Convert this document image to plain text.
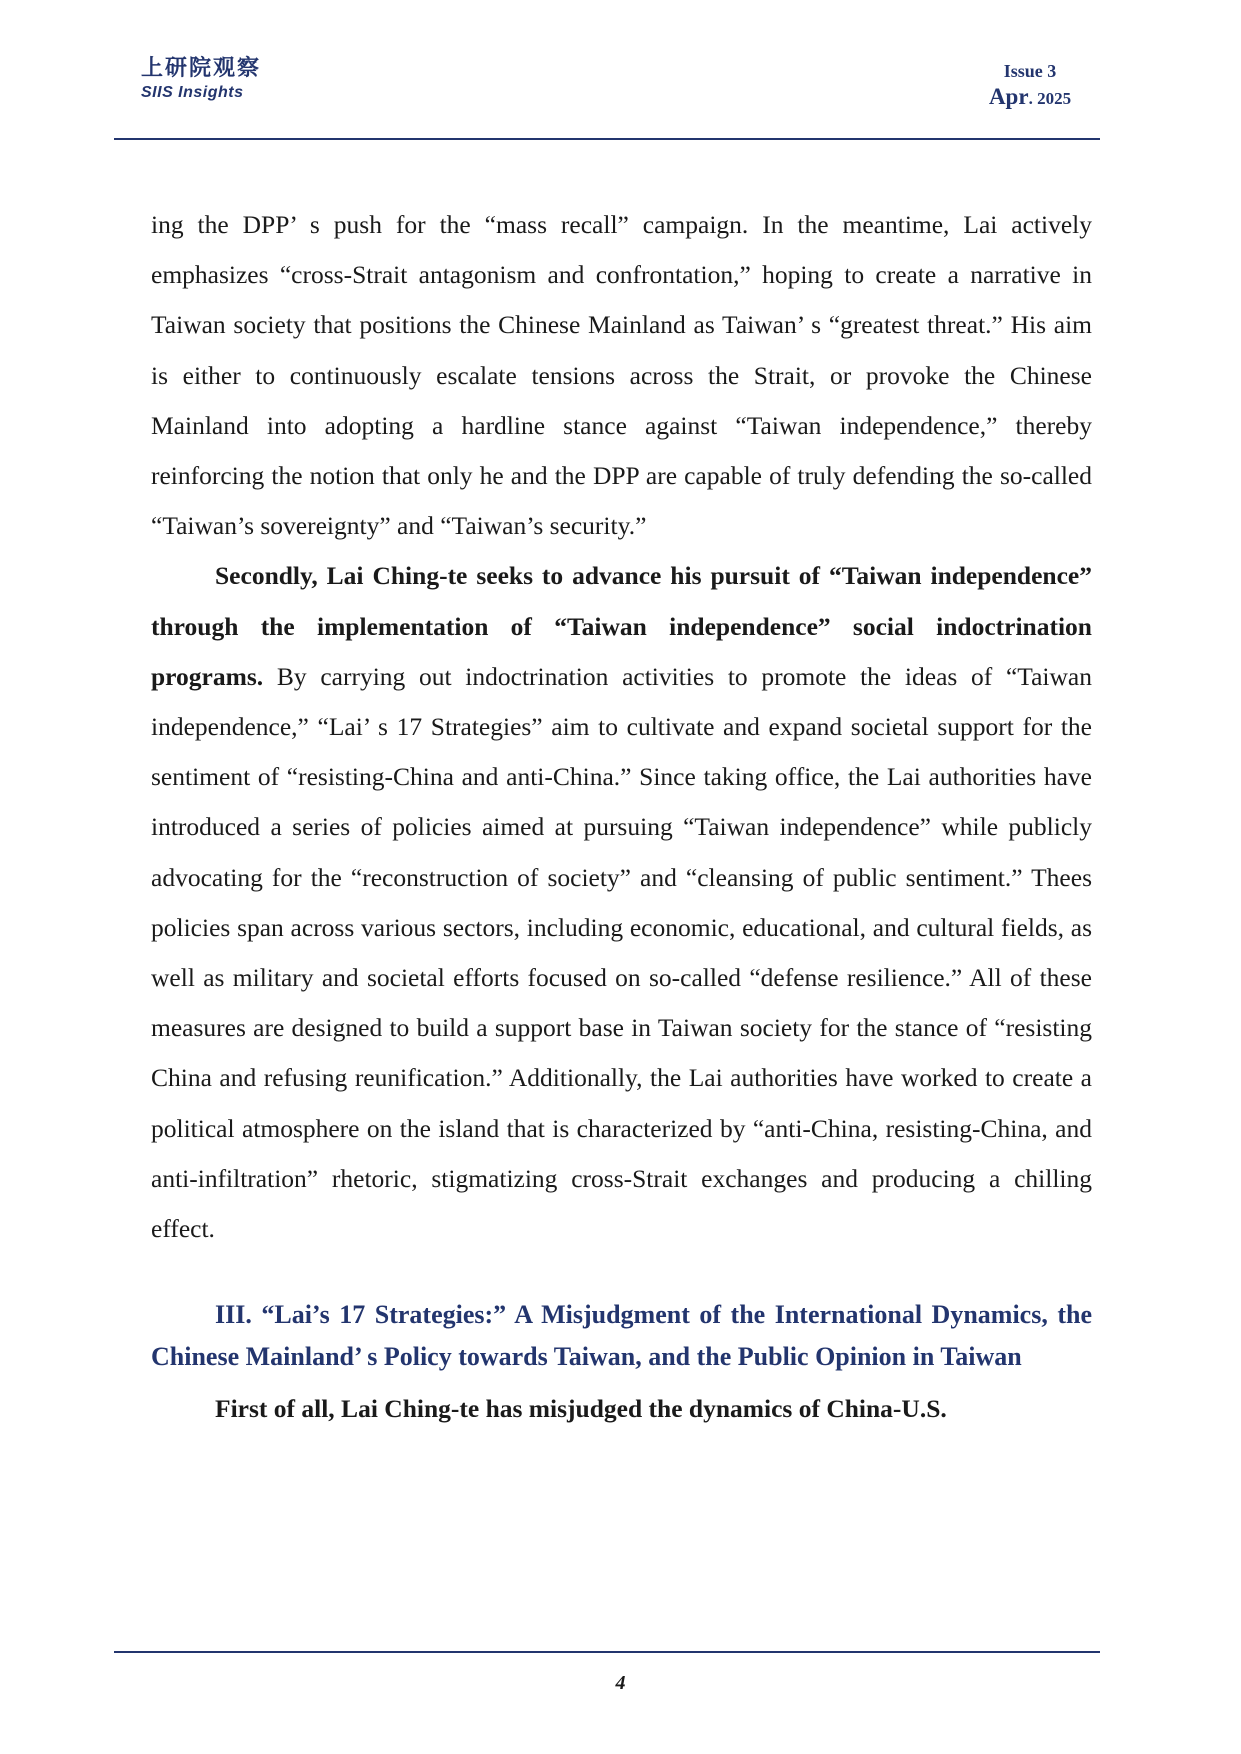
上研院观察
SIIS Insights
Issue 3
Apr. 2025

ing the DPP’ s push for the “mass recall” campaign. In the meantime, Lai actively emphasizes “cross-Strait antagonism and confrontation,” hoping to create a narrative in Taiwan society that positions the Chinese Mainland as Taiwan’ s “greatest threat.” His aim is either to continuously escalate tensions across the Strait, or provoke the Chinese Mainland into adopting a hardline stance against “Taiwan independence,” thereby reinforcing the notion that only he and the DPP are capable of truly defending the so-called “Taiwan’s sovereignty” and “Taiwan’s security.”

Secondly, Lai Ching-te seeks to advance his pursuit of “Taiwan independence” through the implementation of “Taiwan independence” social indoctrination programs. By carrying out indoctrination activities to promote the ideas of “Taiwan independence,” “Lai’ s 17 Strategies” aim to cultivate and expand societal support for the sentiment of “resisting-China and anti-China.” Since taking office, the Lai authorities have introduced a series of policies aimed at pursuing “Taiwan independence” while publicly advocating for the “reconstruction of society” and “cleansing of public sentiment.” Thees policies span across various sectors, including economic, educational, and cultural fields, as well as military and societal efforts focused on so-called “defense resilience.” All of these measures are designed to build a support base in Taiwan society for the stance of “resisting China and refusing reunification.” Additionally, the Lai authorities have worked to create a political atmosphere on the island that is characterized by “anti-China, resisting-China, and anti-infiltration” rhetoric, stigmatizing cross-Strait exchanges and producing a chilling effect.

III. “Lai’s 17 Strategies:” A Misjudgment of the International Dynamics, the Chinese Mainland’ s Policy towards Taiwan, and the Public Opinion in Taiwan

First of all, Lai Ching-te has misjudged the dynamics of China-U.S.

4
